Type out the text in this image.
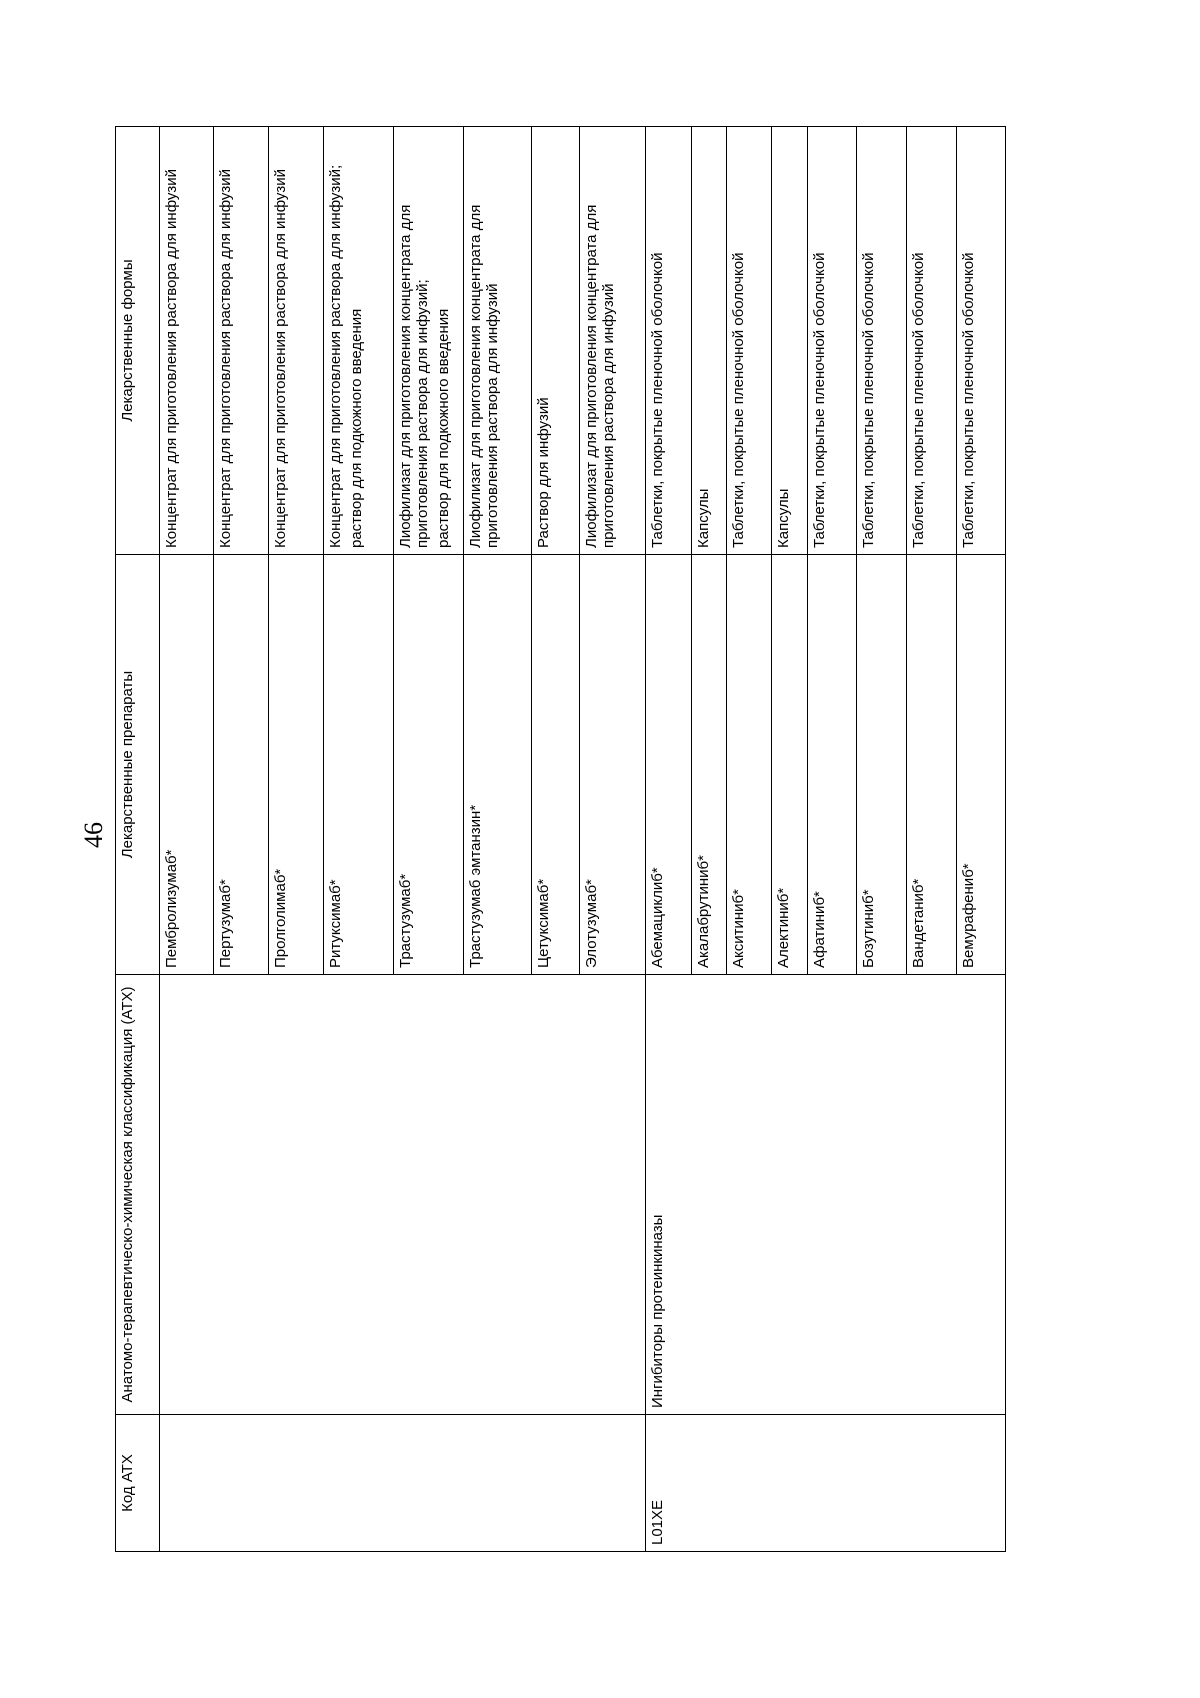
46
Код АТХ	Анатомо-терапевтическо-химическая классификация (АТХ)	Лекарственные препараты	Лекарственные формы
		Пембролизумаб*	Концентрат для приготовления раствора для инфузий
		Пертузумаб*	Концентрат для приготовления раствора для инфузий
		Пролголимаб*	Концентрат для приготовления раствора для инфузий
		Ритуксимаб*	Концентрат для приготовления раствора для инфузий; раствор для подкожного введения

		Трастузумаб*	Лиофилизат для приготовления концентрата для приготовления раствора для инфузий; раствор для подкожного введения

		Трастузумаб эмтанзин*	Лиофилизат для приготовления концентрата для приготовления раствора для инфузий
		Цетуксимаб*	Раствор для инфузий
		Элотузумаб*	Лиофилизат для приготовления концентрата для приготовления раствора для инфузий
L01XE	Ингибиторы протеинкиназы	Абемациклиб*	Таблетки, покрытые пленочной оболочкой
		Акалабрутиниб*	Капсулы
		Акситиниб*	Таблетки, покрытые пленочной оболочкой
		Алектиниб*	Капсулы
		Афатиниб*	Таблетки, покрытые пленочной оболочкой
		Бозутиниб*	Таблетки, покрытые пленочной оболочкой
		Вандетаниб*	Таблетки, покрытые пленочной оболочкой
		Вемурафениб*	Таблетки, покрытые пленочной оболочкой
